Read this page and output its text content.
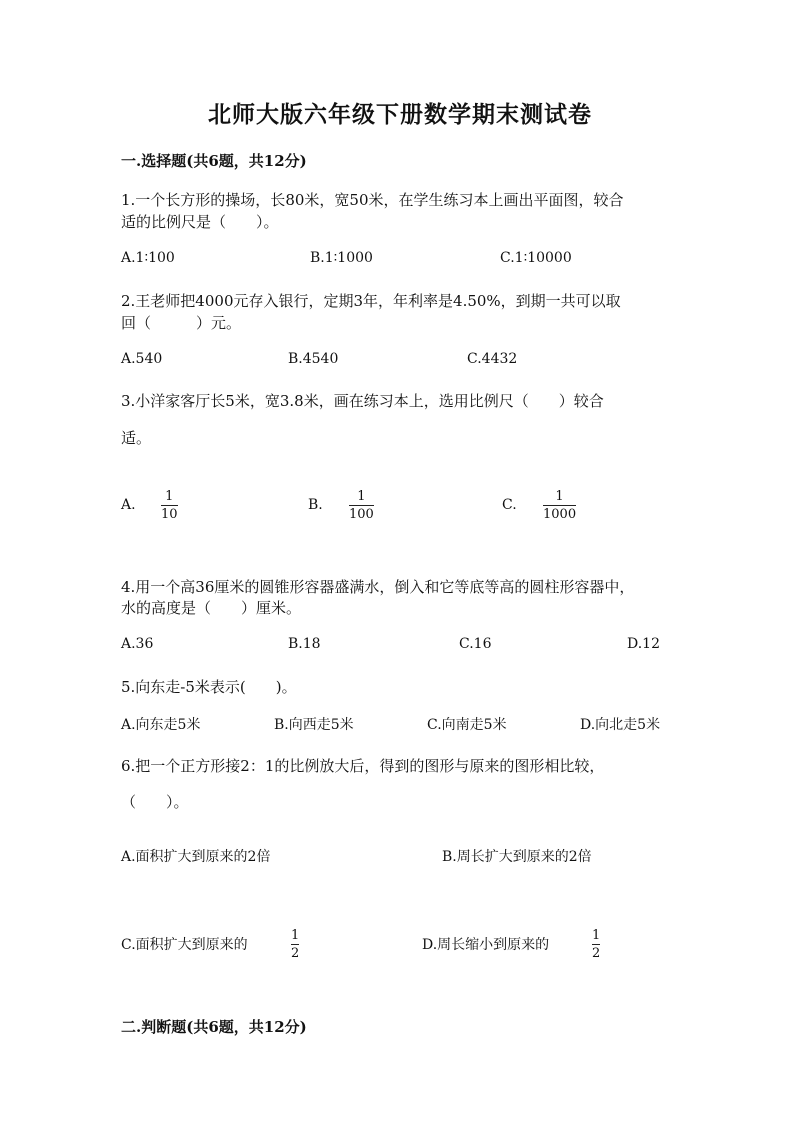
北师大版六年级下册数学期末测试卷
一.选择题(共6题，共12分)
1.一个长方形的操场，长80米，宽50米，在学生练习本上画出平面图，较合
适的比例尺是（　　）。
A.1∶100	B.1∶1000	C.1∶10000
2.王老师把4000元存入银行，定期3年，年利率是4.50%，到期一共可以取
回（　　　）元。
A.540	B.4540	C.4432
3.小洋家客厅长5米，宽3.8米，画在练习本上，选用比例尺（　　）较合
适。
A.
1
10
B.
1
100
C.
1
1000
4.用一个高36厘米的圆锥形容器盛满水，倒入和它等底等高的圆柱形容器中，
水的高度是（　　）厘米。
A.36	B.18	C.16	D.12
5.向东走-5米表示(　　)。
A.向东走5米	B.向西走5米	C.向南走5米	D.向北走5米
6.把一个正方形接2：1的比例放大后，得到的图形与原来的图形相比较，
（　　）。
A.面积扩大到原来的2倍	B.周长扩大到原来的2倍
C.面积扩大到原来的
1
2
D.周长缩小到原来的
1
2
二.判断题(共6题，共12分)
